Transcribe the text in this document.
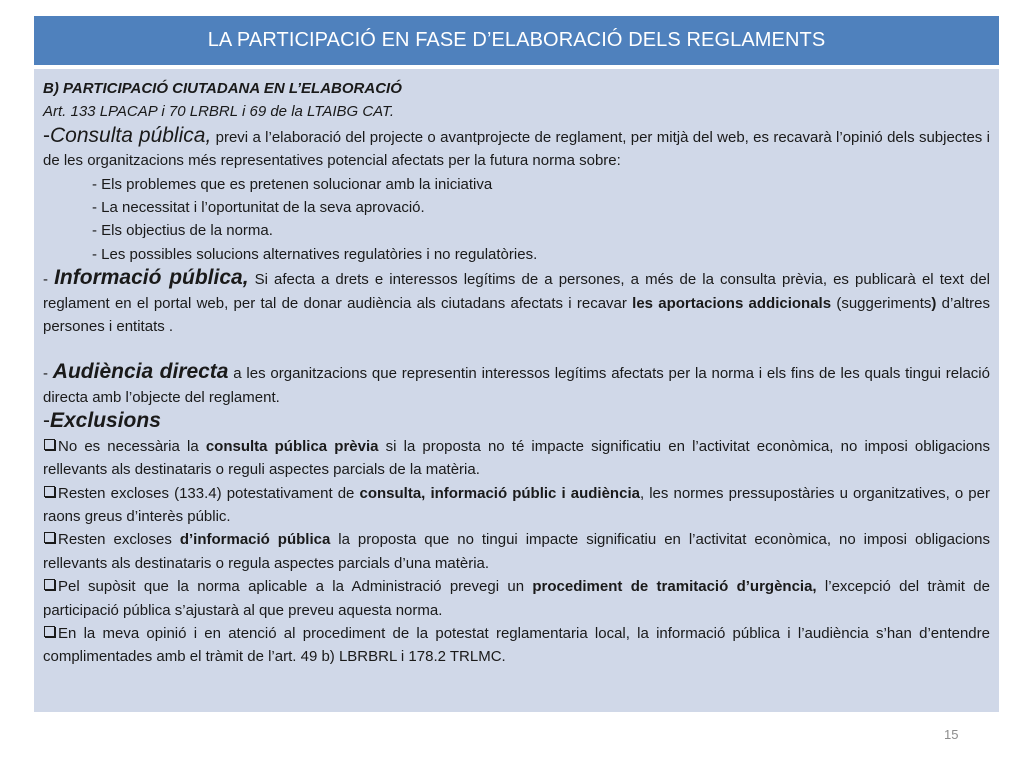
LA PARTICIPACIÓ EN FASE D’ELABORACIÓ DELS REGLAMENTS

B) PARTICIPACIÓ CIUTADANA EN L’ELABORACIÓ

Art. 133 LPACAP i 70 LRBRL i 69 de la LTAIBG CAT.

-Consulta pública, previ a l’elaboració del projecte o avantprojecte de reglament, per mitjà del web, es recavarà l’opinió dels subjectes i de les organitzacions més representatives potencial afectats per la futura norma sobre:

- Els problemes que es pretenen solucionar amb la iniciativa
- La necessitat i l’oportunitat de la seva aprovació.
- Els objectius de la norma.
- Les possibles solucions alternatives regulatòries i no regulatòries.

- Informació pública, Si afecta a drets e interessos legítims de a persones, a més de la consulta prèvia, es publicarà el text del reglament en el portal web, per tal de donar audiència als ciutadans afectats i recavar les aportacions addicionals (suggeriments) d’altres persones i entitats .

- Audiència directa a les organitzacions que representin interessos legítims afectats per la norma i els fins de les quals tingui relació directa amb l’objecte del reglament.

-Exclusions

No es necessària la consulta pública prèvia si la proposta no té impacte significatiu en l’activitat econòmica, no imposi obligacions rellevants als destinataris o reguli aspectes parcials de la matèria.

Resten excloses (133.4) potestativament de consulta, informació públic i audiència, les normes pressupostàries u organitzatives, o per raons greus d’interès públic.

Resten excloses d’informació pública la proposta que no tingui impacte significatiu en l’activitat econòmica, no imposi obligacions rellevants als destinataris o regula aspectes parcials d’una matèria.

Pel supòsit que la norma aplicable a la Administració prevegi un procediment de tramitació d’urgència, l’excepció del tràmit de participació pública s’ajustarà al que preveu aquesta norma.

En la meva opinió i en atenció al procediment de la potestat reglamentaria local, la informació pública i l’audiència s’han d’entendre complimentades amb el tràmit de l’art. 49 b) LBRBRL i 178.2 TRLMC.

15
